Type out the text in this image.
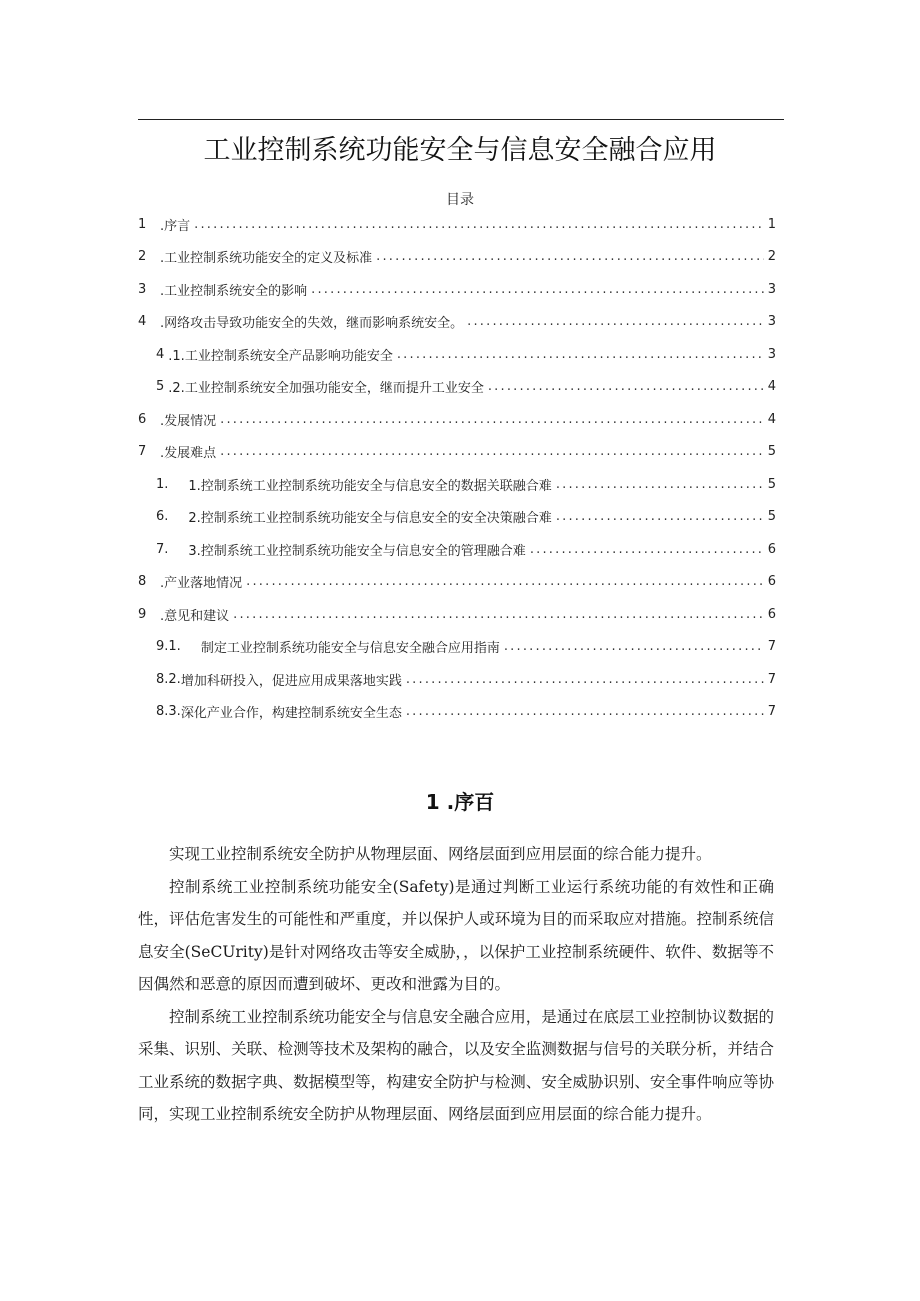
工业控制系统功能安全与信息安全融合应用
目录
1	.序言 .....	1
2	.工业控制系统功能安全的定义及标准 .....	2
3	.工业控制系统安全的影响 .....	3
4	.网络攻击导致功能安全的失效，继而影响系统安全。 .....	3
4 .1.工业控制系统安全产品影响功能安全 .....	3
5 .2.工业控制系统安全加强功能安全，继而提升工业安全 .....	4
6	.发展情况 .....	4
7	.发展难点 .....	5
1.	1.控制系统工业控制系统功能安全与信息安全的数据关联融合难 .....	5
6.	2.控制系统工业控制系统功能安全与信息安全的安全决策融合难 .....	5
7.	3.控制系统工业控制系统功能安全与信息安全的管理融合难 .....	6
8	.产业落地情况 .....	6
9	.意见和建议 .....	6
9.1.	制定工业控制系统功能安全与信息安全融合应用指南 .....	7
8.2. 增加科研投入，促进应用成果落地实践 .....	7
8.3. 深化产业合作，构建控制系统安全生态 .....	7
1 .序百

实现工业控制系统安全防护从物理层面、网络层面到应用层面的综合能力提升。

控制系统工业控制系统功能安全(Safety)是通过判断工业运行系统功能的有效性和正确性，评估危害发生的可能性和严重度，并以保护人或环境为目的而采取应对措施。控制系统信息安全(SeCUrity)是针对网络攻击等安全威胁，，以保护工业控制系统硬件、软件、数据等不因偶然和恶意的原因而遭到破坏、更改和泄露为目的。

控制系统工业控制系统功能安全与信息安全融合应用，是通过在底层工业控制协议数据的采集、识别、关联、检测等技术及架构的融合，以及安全监测数据与信号的关联分析，并结合工业系统的数据字典、数据模型等，构建安全防护与检测、安全威胁识别、安全事件响应等协同，实现工业控制系统安全防护从物理层面、网络层面到应用层面的综合能力提升。
